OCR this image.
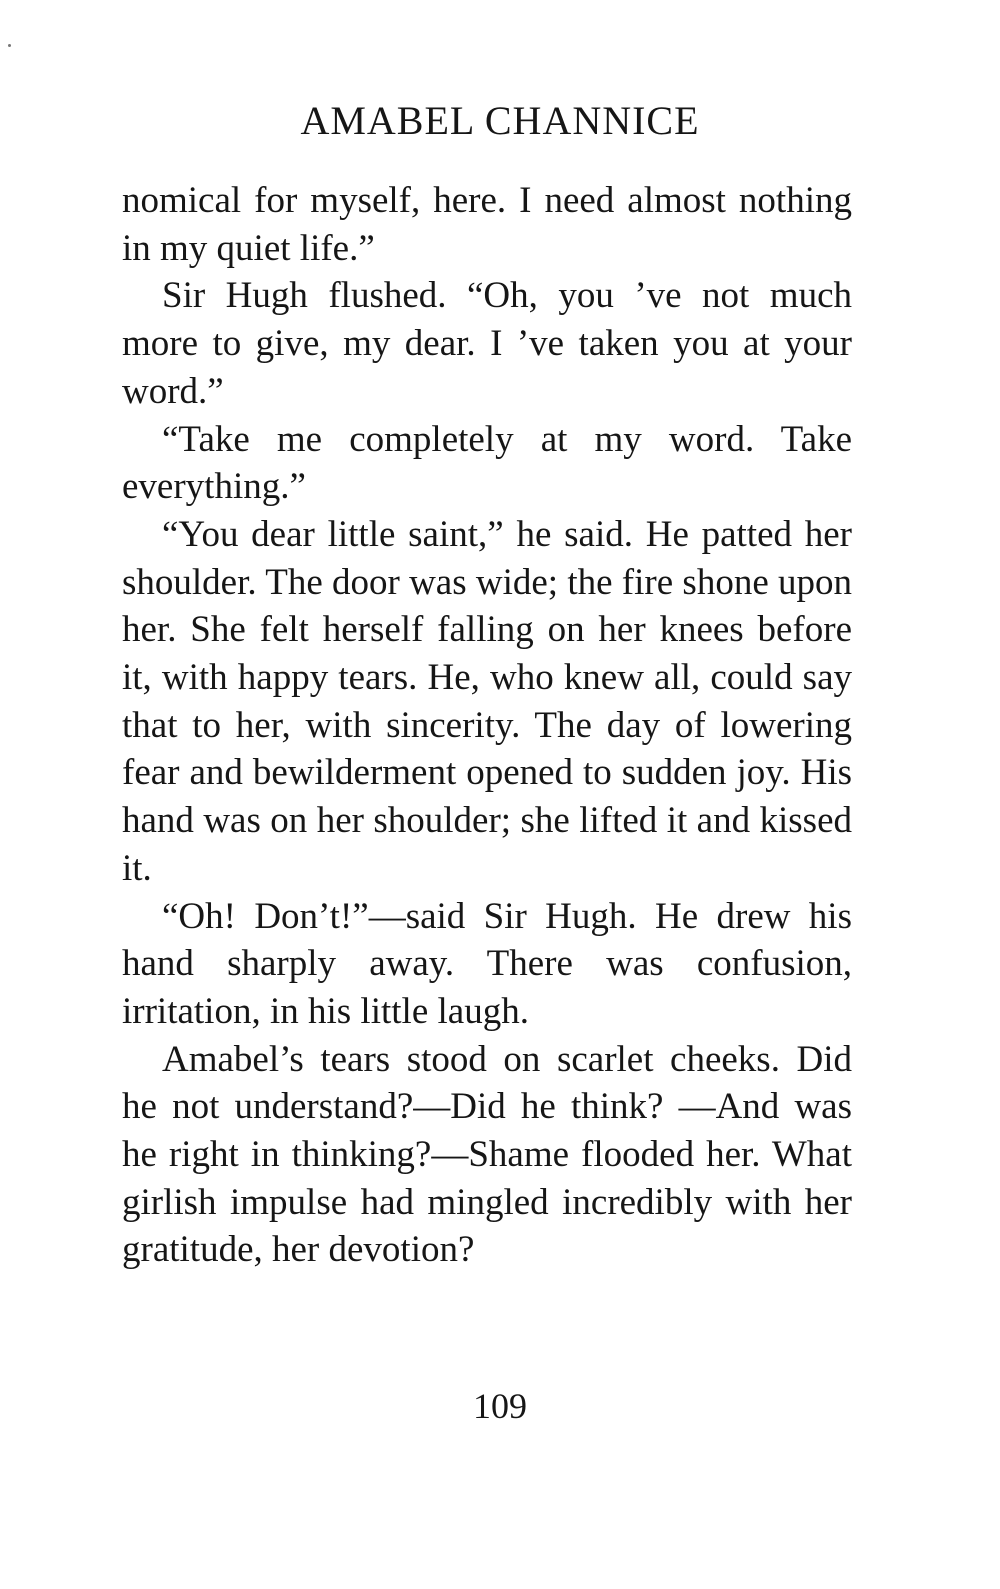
AMABEL CHANNICE

nomical for myself, here. I need almost nothing in my quiet life.”

Sir Hugh flushed. “Oh, you ’ve not much more to give, my dear. I ’ve taken you at your word.”

“Take me completely at my word. Take everything.”

“You dear little saint,” he said. He patted her shoulder. The door was wide; the fire shone upon her. She felt herself falling on her knees before it, with happy tears. He, who knew all, could say that to her, with sincerity. The day of lowering fear and bewilderment opened to sudden joy. His hand was on her shoulder; she lifted it and kissed it.

“Oh! Don’t!”—said Sir Hugh. He drew his hand sharply away. There was confusion, irritation, in his little laugh.

Amabel’s tears stood on scarlet cheeks. Did he not understand?—Did he think? —And was he right in thinking?—Shame flooded her. What girlish impulse had mingled incredibly with her gratitude, her devotion?

109
